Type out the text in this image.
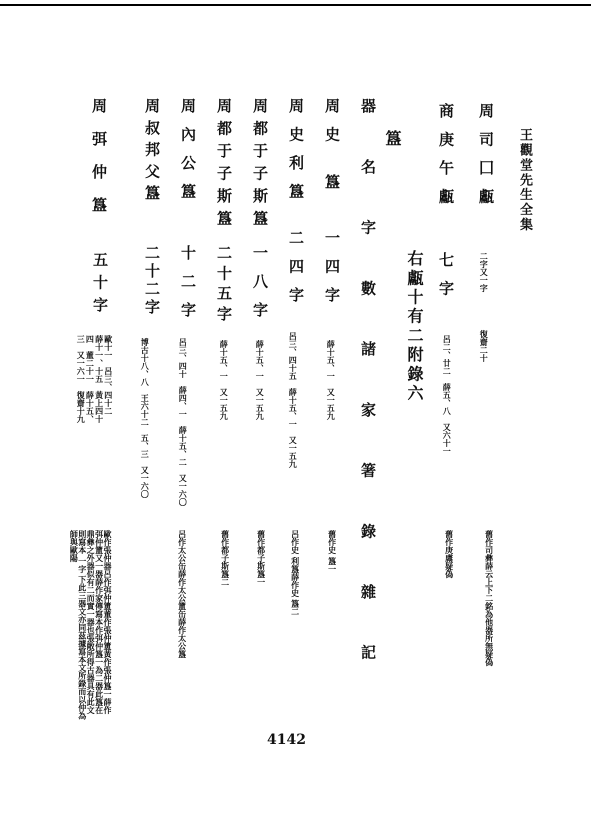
王觀堂先生全集
周司囗甗
二字又一字
復齋二十
舊作司彝薛云上下二銘為他器所無疑偽
商庚午甗
七字
呂二、廿二　薛五、八　又六十一
舊作庚鬳疑偽
右甗十有二附錄六
器 名 字 數 諸 家 箸 錄 雜 記 簋
周史 簋
一四字
薛十五、一　又一五九
舊作史 簋一
周史利簋
二四字
呂三、四十五　薛十五、一　又一五九
呂作史 利簋薛作史 簋二
周都于子斯簋
一八字
薛十五、一　又一五九
舊作都子斯簋一
周都于子斯簋
二十五字
薛十五、一　又一五九
舊作都子斯簋二
周內公簋
十二字
呂三、四十　薛四、一　薛十五、二　又一六〇
呂作太公缶薛作太公簠缶薛作太公簋
周叔邦父簋
二十二字
博古十八、八　王六十二　五、三　又一六〇
周弭仲簋
五十字
歐十一　呂三、四十二　薛十一、十五　黃上四十四　董二十一　薛十五、三　又一六一　復齋十九
歐作張仲器呂作弭仲簠董作張仲簠黃作張仲簋一薛作弭仲簠又一器薛作家傳寫本作弭仲簋一為二器此簋在鼎彝之外器似有二而實一器也張敞所得古器具有此文 則寫本 一字 下此三器文亦同茲據寫本文所錄而以仲為師與歐陽
4142
